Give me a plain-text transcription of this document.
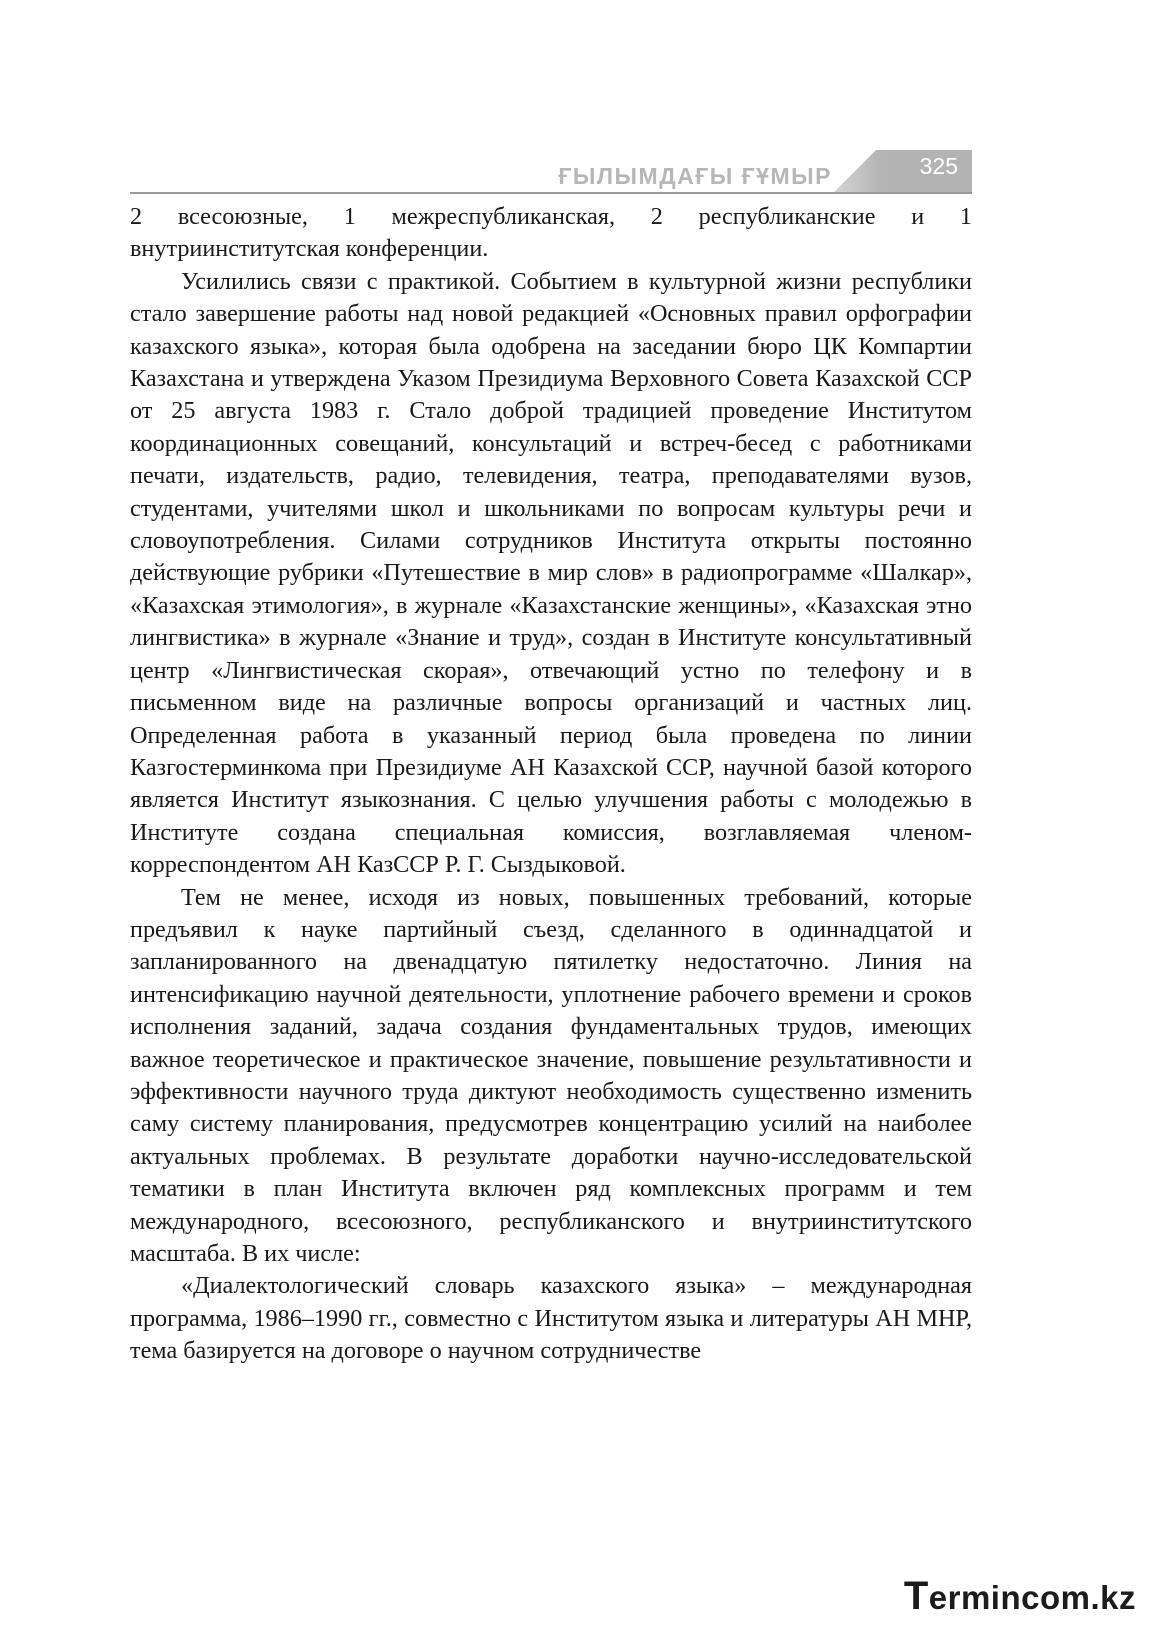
ҒЫЛЫМДАҒЫ ҒҰМЫР	325

2 всесоюзные, 1 межреспубликанская, 2 республиканские и 1 внутриинститутская конференции.

Усилились связи с практикой. Событием в культурной жизни республики стало завершение работы над новой редакцией «Основных правил орфографии казахского языка», которая была одобрена на заседании бюро ЦК Компартии Казахстана и утверждена Указом Президиума Верховного Совета Казахской ССР от 25 августа 1983 г. Стало доброй традицией проведение Институтом координационных совещаний, консультаций и встреч-бесед с работниками печати, издательств, радио, телевидения, театра, преподавателями вузов, студентами, учителями школ и школьниками по вопросам культуры речи и словоупотребления. Силами сотрудников Института открыты постоянно действующие рубрики «Путешествие в мир слов» в радиопрограмме «Шалкар», «Казахская этимология», в журнале «Казахстанские женщины», «Казахская этно лингвистика» в журнале «Знание и труд», создан в Институте консультативный центр «Лингвистическая скорая», отвечающий устно по телефону и в письменном виде на различные вопросы организаций и частных лиц. Определенная работа в указанный период была проведена по линии Казгостерминкома при Президиуме АН Казахской ССР, научной базой которого является Институт языкознания. С целью улучшения работы с молодежью в Институте создана специальная комиссия, возглавляемая членом-корреспондентом АН КазССР Р. Г. Сыздыковой.

Тем не менее, исходя из новых, повышенных требований, которые предъявил к науке партийный съезд, сделанного в одиннадцатой и запланированного на двенадцатую пятилетку недостаточно. Линия на интенсификацию научной деятельности, уплотнение рабочего времени и сроков исполнения заданий, задача создания фундаментальных трудов, имеющих важное теоретическое и практическое значение, повышение результативности и эффективности научного труда диктуют необходимость существенно изменить саму систему планирования, предусмотрев концентрацию усилий на наиболее актуальных проблемах. В результате доработки научно-исследовательской тематики в план Института включен ряд комплексных программ и тем международного, всесоюзного, республиканского и внутриинститутского масштаба. В их числе:

«Диалектологический словарь казахского языка» – международная программа, 1986–1990 гг., совместно с Институтом языка и литературы АН МНР, тема базируется на договоре о научном сотрудничестве

Termincom.kz
